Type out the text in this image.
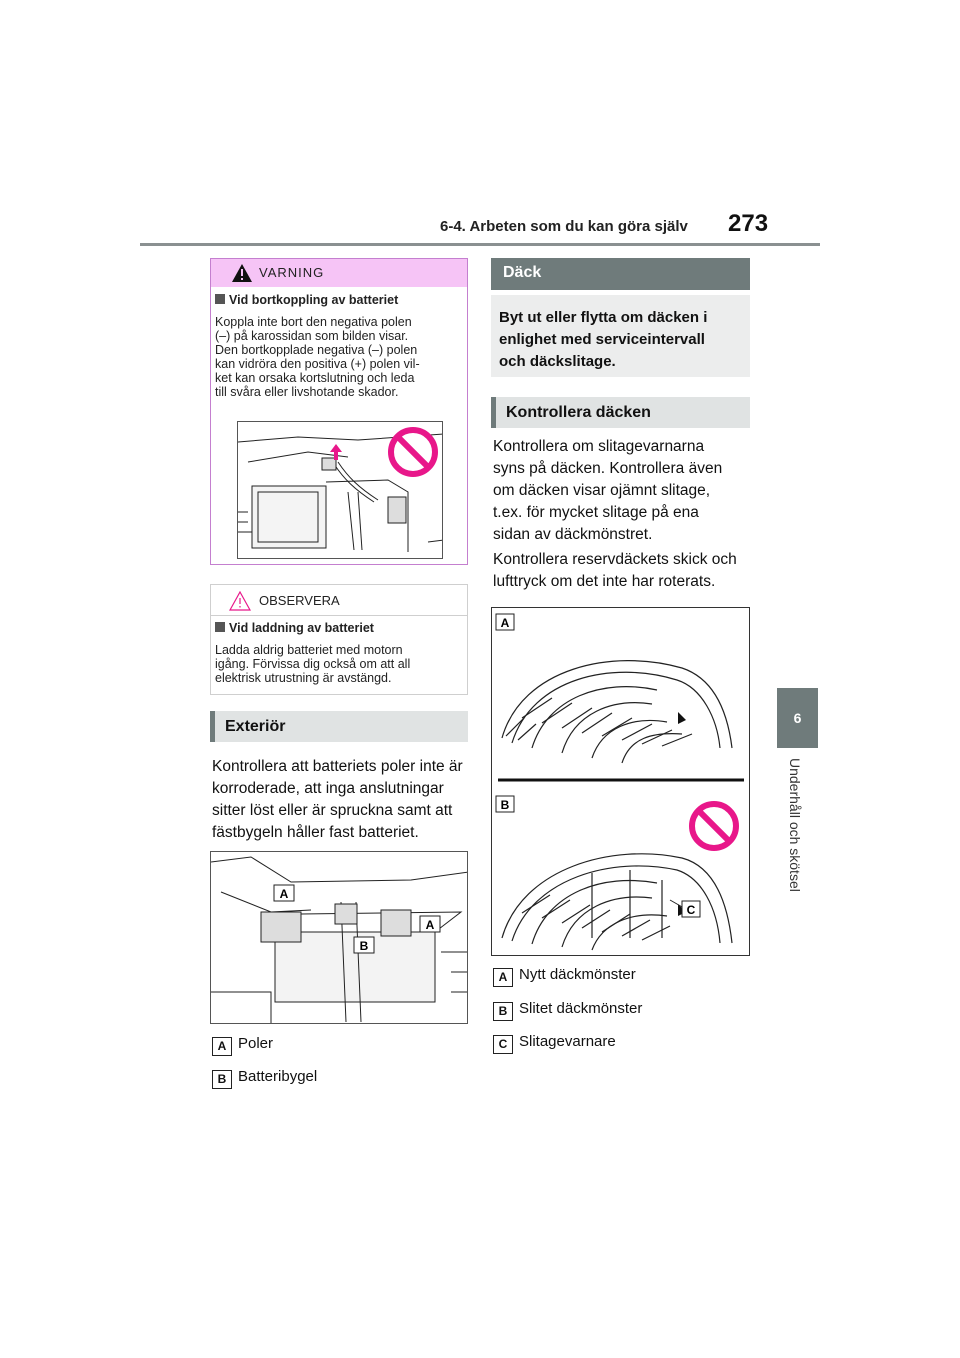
6-4. Arbeten som du kan göra själv 273
6
Underhåll och skötsel
VARNING
Vid bortkoppling av batteriet
Koppla inte bort den negativa polen
(–) på karossidan som bilden visar.
Den bortkopplade negativa (–) polen
kan vidröra den positiva (+) polen vil-
ket kan orsaka kortslutning och leda
till svåra eller livshotande skador.
OBSERVERA
Vid laddning av batteriet
Ladda aldrig batteriet med motorn
igång. Förvissa dig också om att all
elektrisk utrustning är avstängd.
Exteriör
Kontrollera att batteriets poler inte är
korroderade, att inga anslutningar
sitter löst eller är spruckna samt att
fästbygeln håller fast batteriet.
A
A
B
A Poler
B Batteribygel
Däck
Byt ut eller flytta om däcken i
enlighet med serviceintervall
och däckslitage.
Kontrollera däcken
Kontrollera om slitagevarnarna
syns på däcken. Kontrollera även
om däcken visar ojämnt slitage,
t.ex. för mycket slitage på ena
sidan av däckmönstret.
Kontrollera reservdäckets skick och
lufttryck om det inte har roterats.
A
B
C
A Nytt däckmönster
B Slitet däckmönster
C Slitagevarnare
